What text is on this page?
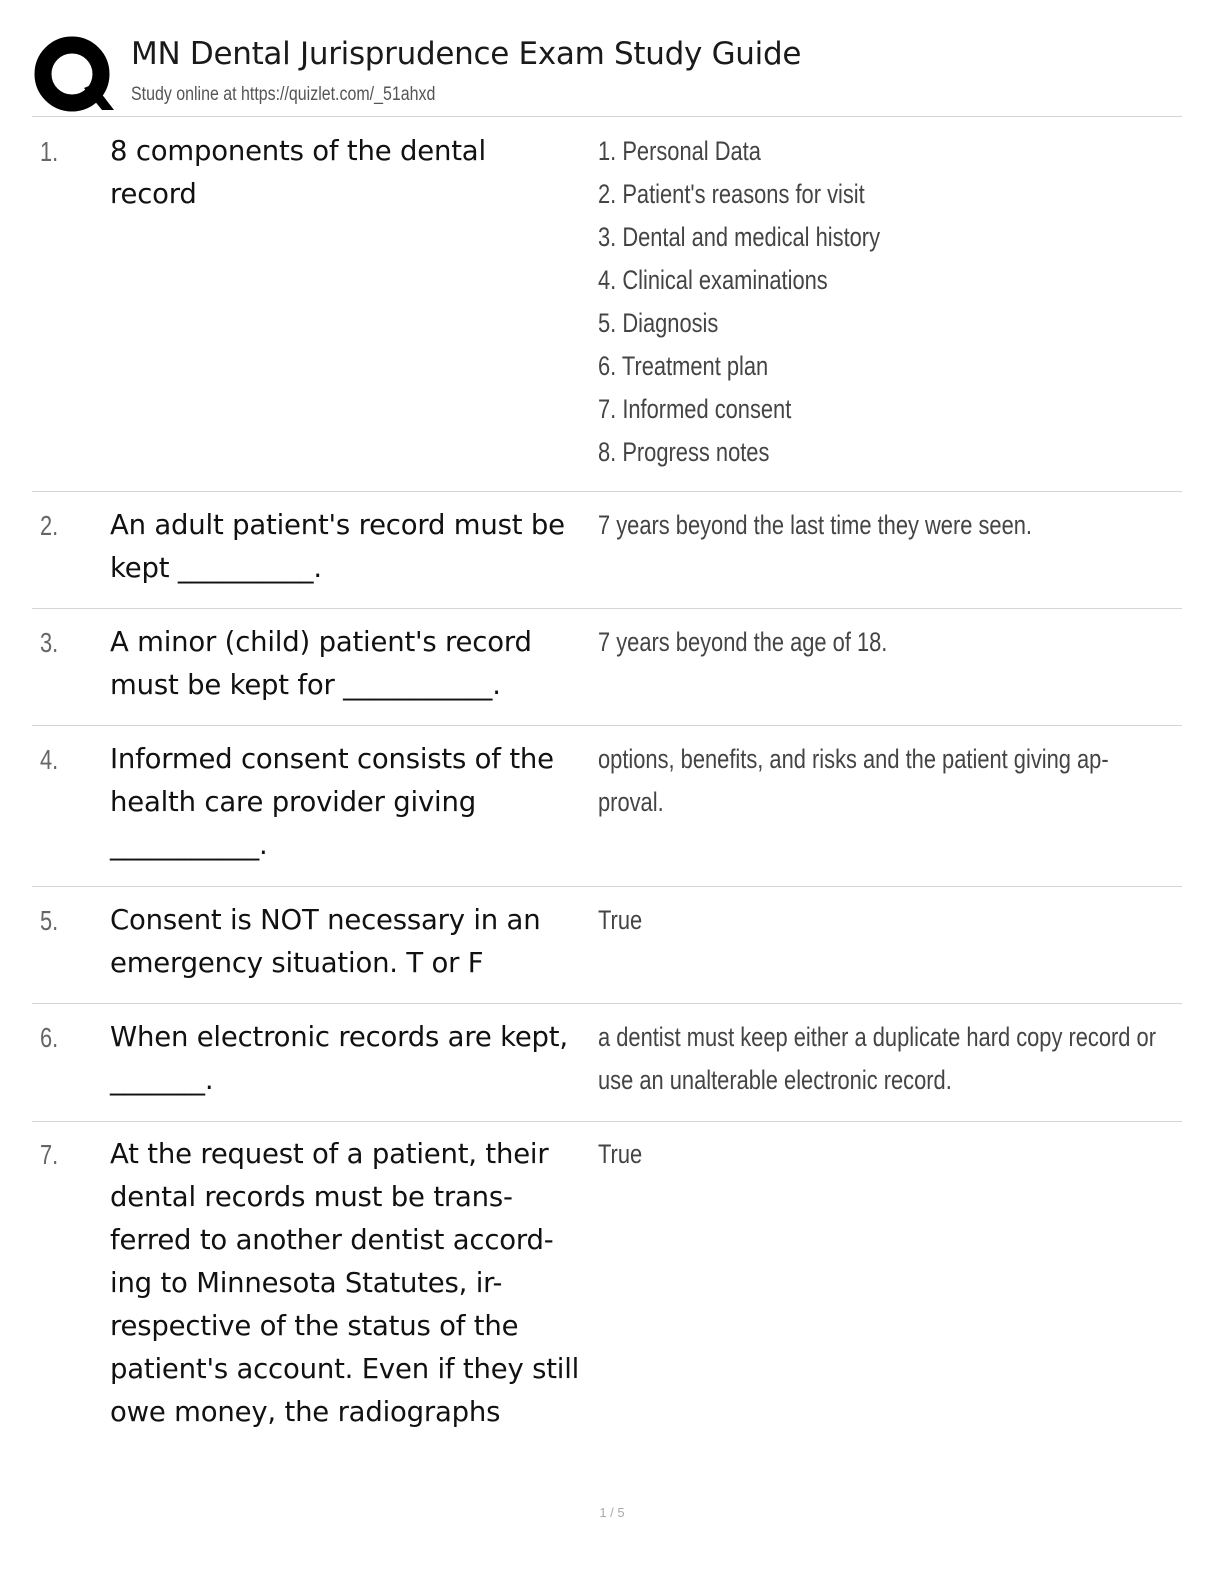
MN Dental Jurisprudence Exam Study Guide
Study online at https://quizlet.com/_51ahxd
1. 8 components of the dental record
1. Personal Data
2. Patient's reasons for visit
3. Dental and medical history
4. Clinical examinations
5. Diagnosis
6. Treatment plan
7. Informed consent
8. Progress notes
2. An adult patient's record must be kept __________.
7 years beyond the last time they were seen.
3. A minor (child) patient's record must be kept for ___________.
7 years beyond the age of 18.
4. Informed consent consists of the health care provider giving ___________.
options, benefits, and risks and the patient giving ap-
proval.
5. Consent is NOT necessary in an emergency situation. T or F
True
6. When electronic records are kept, _______.
a dentist must keep either a duplicate hard copy record or
use an unalterable electronic record.
7. At the request of a patient, their dental records must be trans-ferred to another dentist accord-ing to Minnesota Statutes, ir-respective of the status of the patient's account. Even if they still owe money, the radiographs
True
1 / 5
